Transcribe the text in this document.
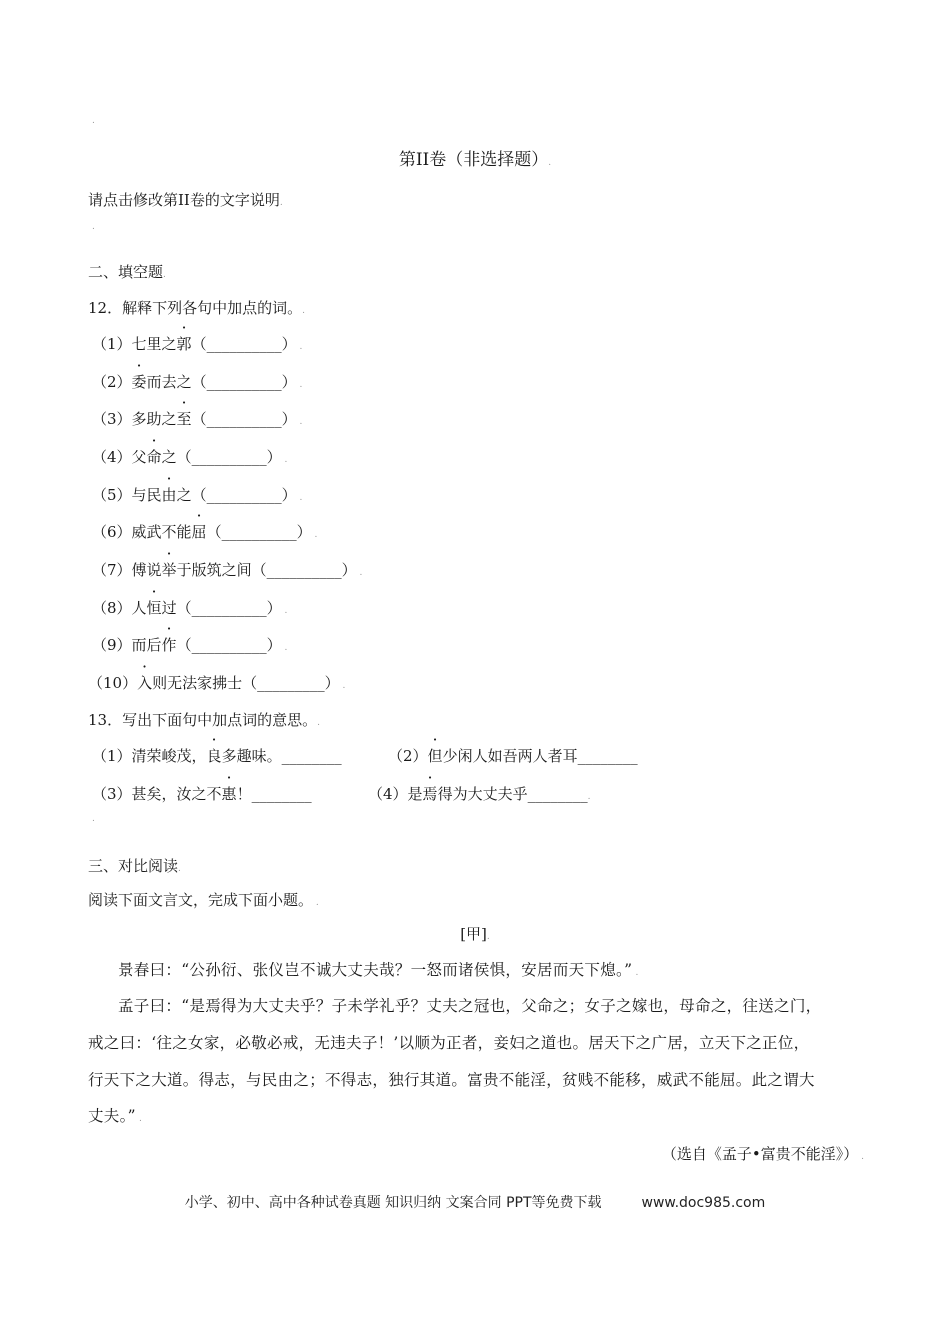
.
第II卷（非选择题）.
请点击修改第II卷的文字说明.
.
二、填空题.
12．解释下列各句中加点的词。.
（1）七里之郭（__________） .
（2）委而去之（__________） .
（3）多助之至（__________） .
（4）父命之（__________） .
（5）与民由之（__________） .
（6）威武不能屈（__________） .
（7）傅说举于版筑之间（__________） .
（8）人恒过（__________） .
（9）而后作（__________） .
（10）入则无法家拂士（_________） .
13．写出下面句中加点词的意思。.
（1）清荣峻茂，良多趣味。________	（2）但少闲人如吾两人者耳________
（3）甚矣，汝之不惠！________	（4）是焉得为大丈夫乎________.
.
三、对比阅读.
阅读下面文言文，完成下面小题。 .
[甲].
景春曰：“公孙衍、张仪岂不诚大丈夫哉？一怒而诸侯惧，安居而天下熄。” .
孟子曰：“是焉得为大丈夫乎？子未学礼乎？丈夫之冠也，父命之；女子之嫁也，母命之，往送之门，
戒之曰：‘往之女家，必敬必戒，无违夫子！’以顺为正者，妾妇之道也。居天下之广居，立天下之正位，
行天下之大道。得志，与民由之；不得志，独行其道。富贵不能淫，贫贱不能移，威武不能屈。此之谓大
丈夫。” .
（选自《孟子•富贵不能淫》） .
小学、初中、高中各种试卷真题 知识归纳 文案合同 PPT等免费下载	www.doc985.com
